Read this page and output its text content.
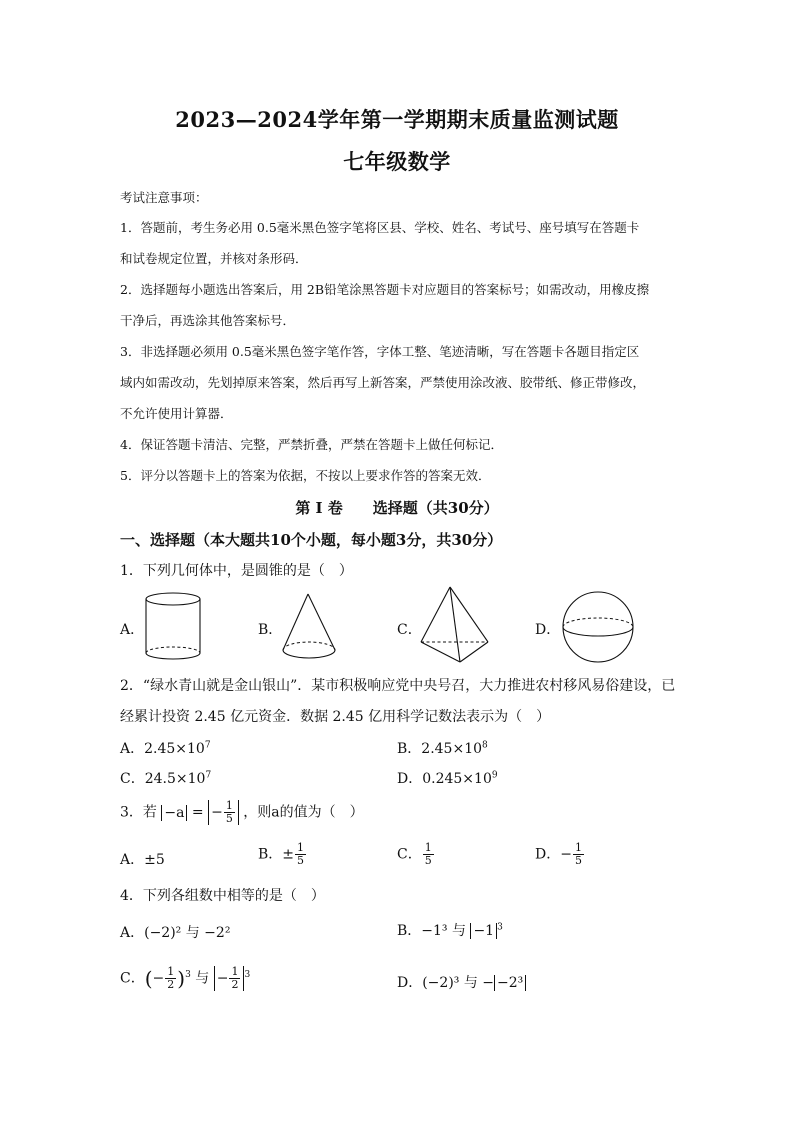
2023—2024学年第一学期期末质量监测试题
七年级数学
考试注意事项：
1．答题前，考生务必用 0.5毫米黑色签字笔将区县、学校、姓名、考试号、座号填写在答题卡
和试卷规定位置，并核对条形码．
2．选择题每小题选出答案后，用 2B铅笔涂黑答题卡对应题目的答案标号；如需改动，用橡皮擦
干净后，再选涂其他答案标号．
3．非选择题必须用 0.5毫米黑色签字笔作答，字体工整、笔迹清晰，写在答题卡各题目指定区
域内如需改动，先划掉原来答案，然后再写上新答案，严禁使用涂改液、胶带纸、修正带修改，
不允许使用计算器．
4．保证答题卡清洁、完整，严禁折叠，严禁在答题卡上做任何标记．
5．评分以答题卡上的答案为依据，不按以上要求作答的答案无效．
第 I 卷　　选择题（共30分）
一、选择题（本大题共10个小题，每小题3分，共30分）
1．下列几何体中，是圆锥的是（　）
A．	B．	C．	D．
2．“绿水青山就是金山银山”．某市积极响应党中央号召，大力推进农村移风易俗建设，已
经累计投资 2.45 亿元资金．数据 2.45 亿用科学记数法表示为（　）
A．$2.45\times 10^7$	B．$2.45\times 10^8$
C．$24.5\times 10^7$	D．$0.245\times 10^9$
3．若 −a = − $\frac{1}{5}$ ，则a的值为（　）
A．±5	B．± $\frac{1}{5}$	C． $\frac{1}{5}$	D．− $\frac{1}{5}$
4．下列各组数中相等的是（　）
A．(−2)² 与 −2²	B．−1³ 与 −1 $^3$
C．(− $\frac{1}{2} )^3$ 与 − $\frac{1}{2} ^3$
D．(−2)³ 与 − −2³
